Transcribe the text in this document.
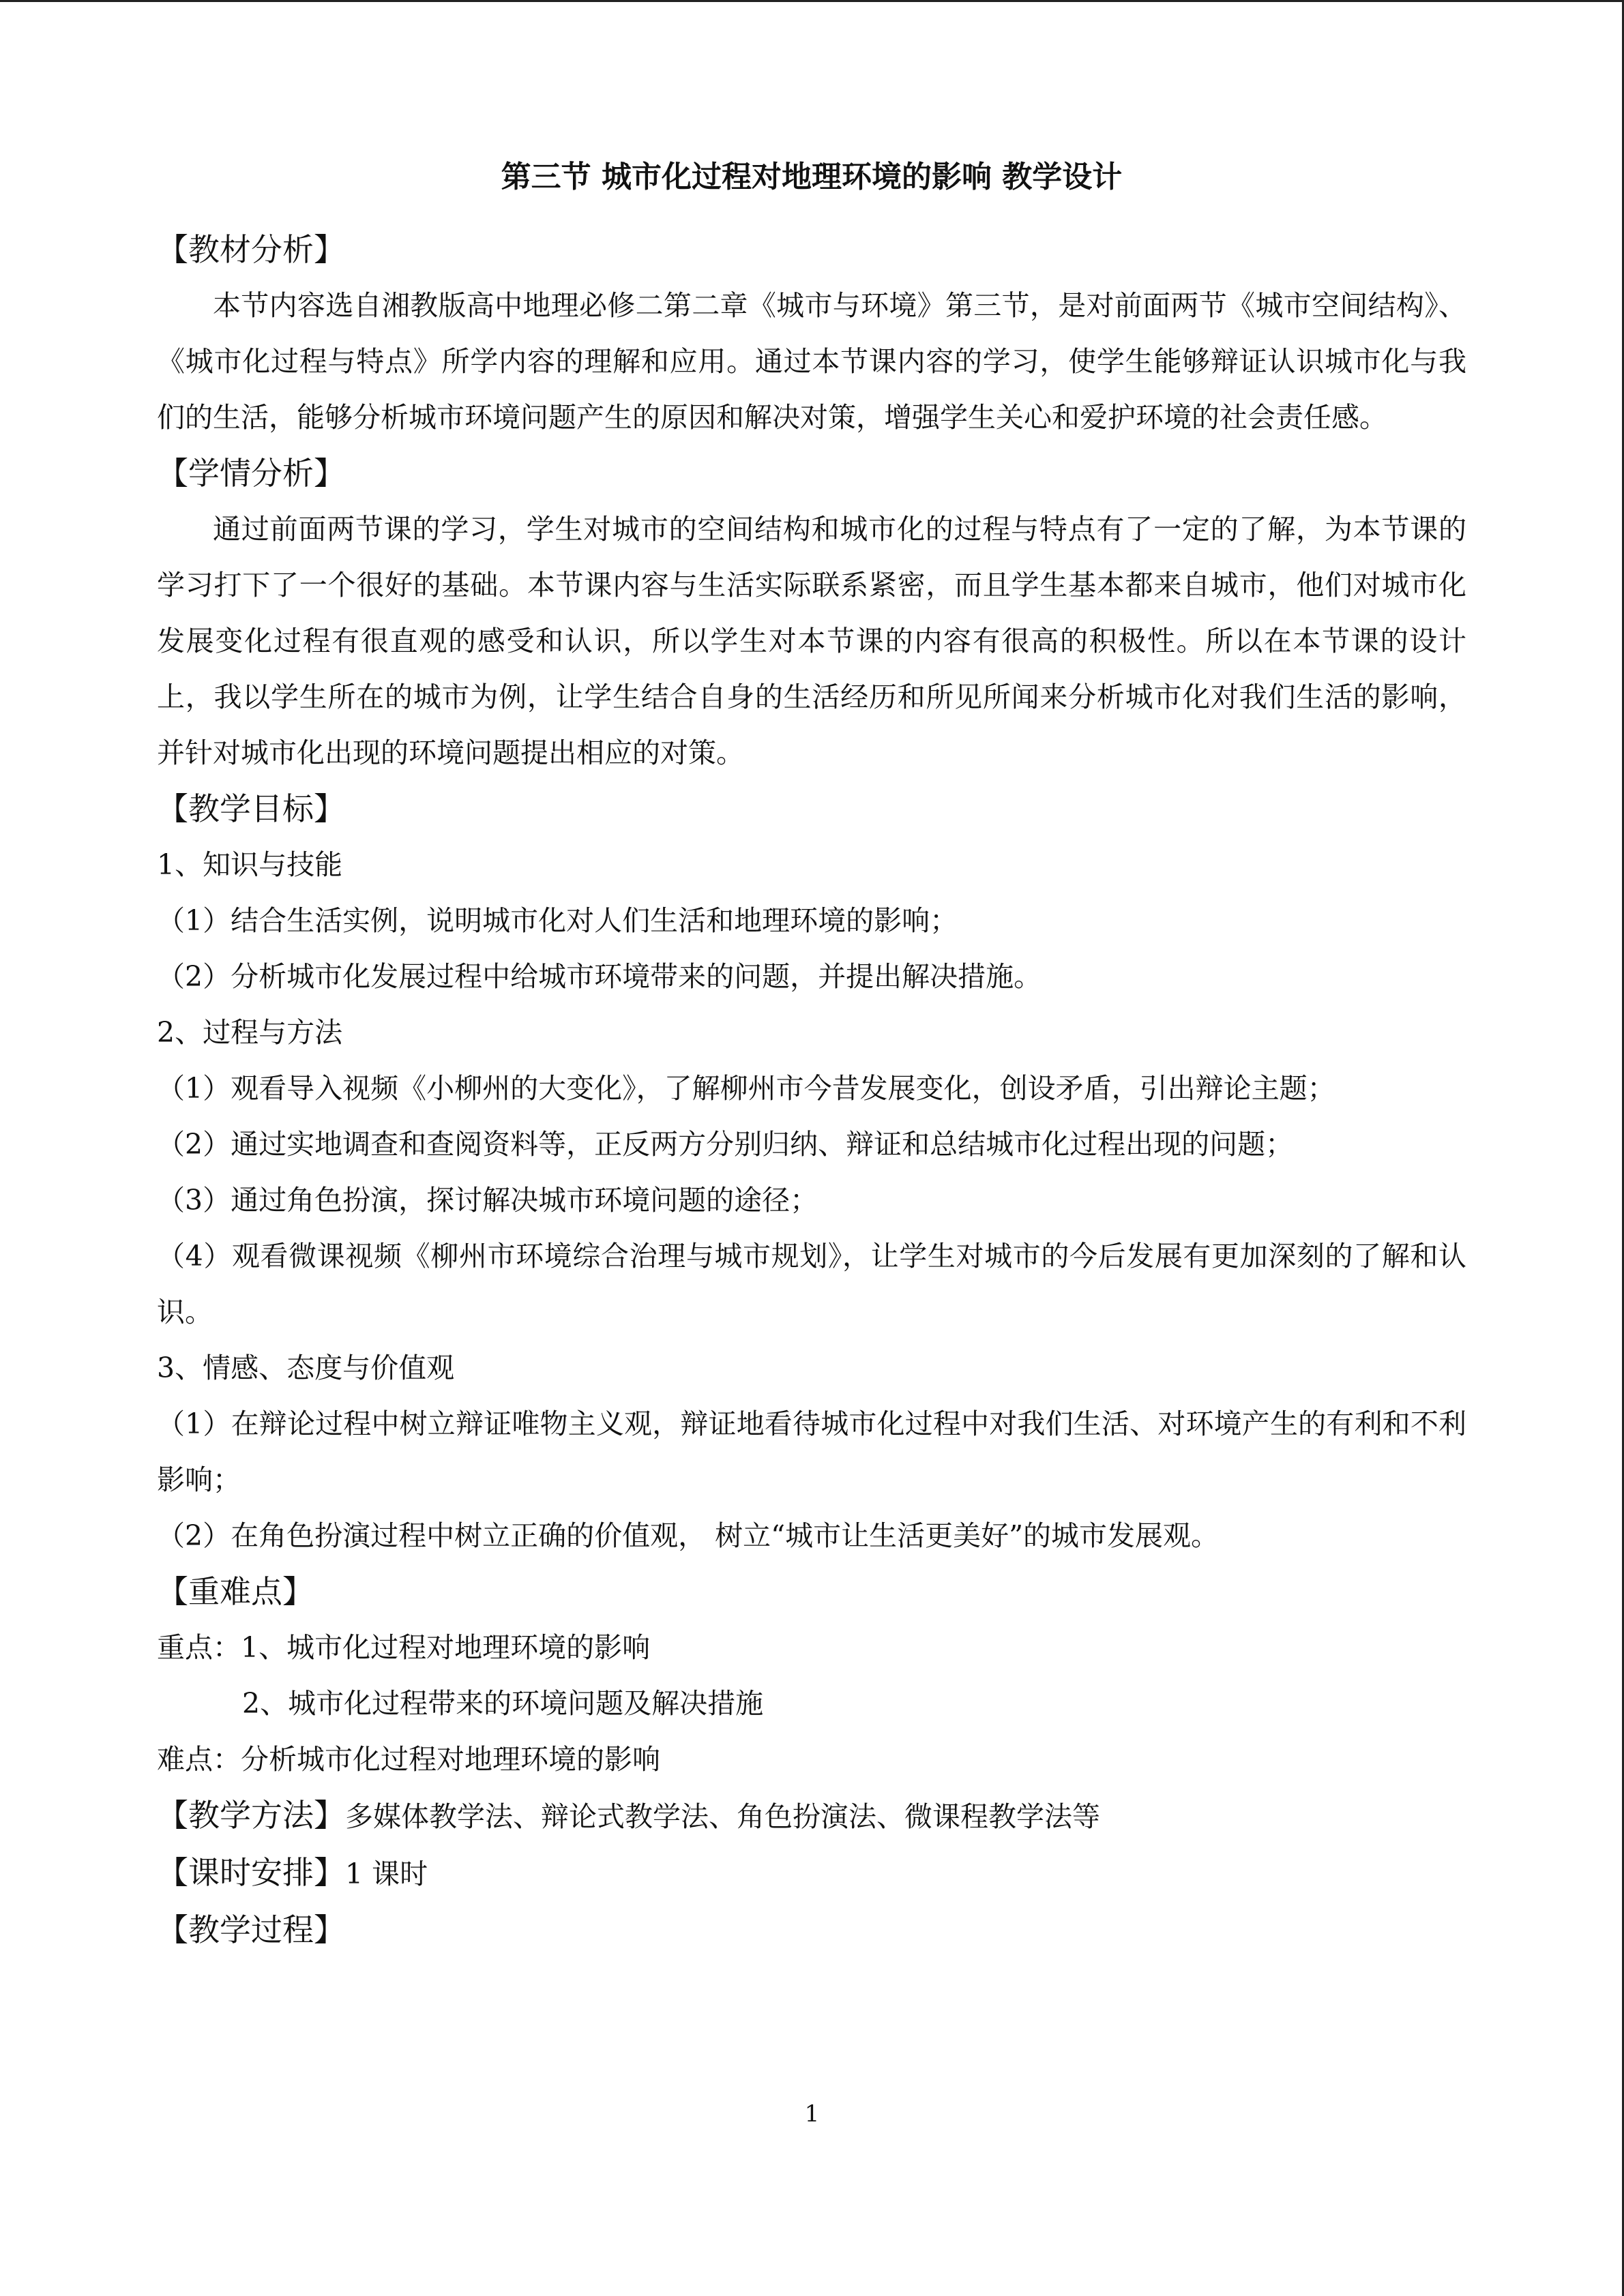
第三节 城市化过程对地理环境的影响 教学设计

【教材分析】

本节内容选自湘教版高中地理必修二第二章《城市与环境》第三节，是对前面两节《城市空间结构》、《城市化过程与特点》所学内容的理解和应用。通过本节课内容的学习，使学生能够辩证认识城市化与我们的生活，能够分析城市环境问题产生的原因和解决对策，增强学生关心和爱护环境的社会责任感。

【学情分析】

通过前面两节课的学习，学生对城市的空间结构和城市化的过程与特点有了一定的了解，为本节课的学习打下了一个很好的基础。本节课内容与生活实际联系紧密，而且学生基本都来自城市，他们对城市化发展变化过程有很直观的感受和认识，所以学生对本节课的内容有很高的积极性。所以在本节课的设计上，我以学生所在的城市为例，让学生结合自身的生活经历和所见所闻来分析城市化对我们生活的影响，并针对城市化出现的环境问题提出相应的对策。

【教学目标】

1、知识与技能

（1）结合生活实例，说明城市化对人们生活和地理环境的影响；

（2）分析城市化发展过程中给城市环境带来的问题，并提出解决措施。

2、过程与方法

（1）观看导入视频《小柳州的大变化》，了解柳州市今昔发展变化，创设矛盾，引出辩论主题；

（2）通过实地调查和查阅资料等，正反两方分别归纳、辩证和总结城市化过程出现的问题；

（3）通过角色扮演，探讨解决城市环境问题的途径；

（4）观看微课视频《柳州市环境综合治理与城市规划》，让学生对城市的今后发展有更加深刻的了解和认识。

3、情感、态度与价值观

（1）在辩论过程中树立辩证唯物主义观，辩证地看待城市化过程中对我们生活、对环境产生的有利和不利影响；

（2）在角色扮演过程中树立正确的价值观， 树立“城市让生活更美好”的城市发展观。

【重难点】

重点：1、城市化过程对地理环境的影响

2、城市化过程带来的环境问题及解决措施

难点：分析城市化过程对地理环境的影响

【教学方法】多媒体教学法、辩论式教学法、角色扮演法、微课程教学法等

【课时安排】1 课时

【教学过程】

1
